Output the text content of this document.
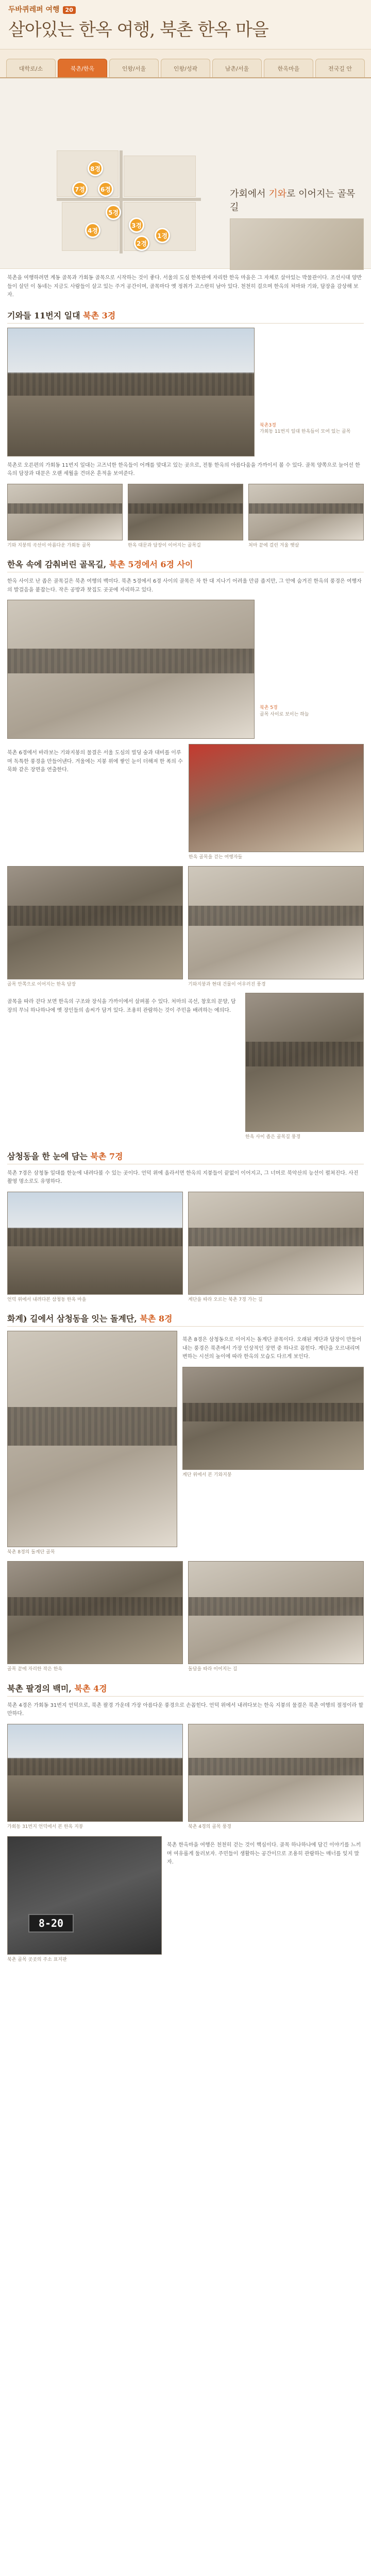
두바퀴레퍼 여행 20
살아있는 한옥 여행, 북촌 한옥 마을
대학로/소	북촌/한옥	인왕/서울	인왕/성곽	남촌/서울	한옥마을	전국길 안
8경
7경	6경
5경
4경
3경
2경
1경
가회에서 기와로 이어지는 골목길

북촌을 여행하려면 계동 골목과 가회동 골목으로 시작하는 것이 좋다. 서울의 도심 한복판에 자리한 한옥 마을은 그 자체로 살아있는 박물관이다. 조선시대 양반들이 살던 이 동네는 지금도 사람들이 살고 있는 주거 공간이며, 골목마다 옛 정취가 고스란히 남아 있다. 천천히 걸으며 한옥의 처마와 기와, 담장을 감상해 보자.

기와들 11번지 일대 북촌 3경
북촌3경
가회동 11번지 일대 한옥들이 모여 있는 골목

북촌로 오른편의 가회동 11번지 일대는 고즈넉한 한옥들이 어깨를 맞대고 있는 곳으로, 전통 한옥의 아름다움을 가까이서 볼 수 있다. 골목 양쪽으로 늘어선 한옥의 담장과 대문은 오랜 세월을 견뎌온 흔적을 보여준다.

기와 지붕의 곡선이 아름다운 가회동 골목	한옥 대문과 담장이 이어지는 골목길	처마 끝에 걸린 겨울 햇살
한옥 속에 감춰버린 골목길, 북촌 5경에서 6경 사이

한옥 사이로 난 좁은 골목길은 북촌 여행의 백미다. 북촌 5경에서 6경 사이의 골목은 차 한 대 지나기 어려울 만큼 좁지만, 그 안에 숨겨진 한옥의 풍경은 여행자의 발걸음을 붙잡는다. 작은 공방과 찻집도 곳곳에 자리하고 있다.

북촌 5경
골목 사이로 보이는 하늘

북촌 6경에서 바라보는 기와지붕의 물결은 서울 도심의 빌딩 숲과 대비를 이루며 독특한 풍경을 만들어낸다. 겨울에는 지붕 위에 쌓인 눈이 더해져 한 폭의 수묵화 같은 장면을 연출한다.

한옥 골목을 걷는 여행자들
골목 안쪽으로 이어지는 한옥 담장	기와지붕과 현대 건물이 어우러진 풍경

골목을 따라 걷다 보면 한옥의 구조와 장식을 가까이에서 살펴볼 수 있다. 처마의 곡선, 창호의 문양, 담장의 무늬 하나하나에 옛 장인들의 솜씨가 담겨 있다. 조용히 관람하는 것이 주민을 배려하는 예의다.

한옥 사이 좁은 골목길 풍경
삼청동을 한 눈에 담는 북촌 7경

북촌 7경은 삼청동 일대를 한눈에 내려다볼 수 있는 곳이다. 언덕 위에 올라서면 한옥의 지붕들이 끝없이 이어지고, 그 너머로 북악산의 능선이 펼쳐진다. 사진 촬영 명소로도 유명하다.

언덕 위에서 내려다본 삼청동 한옥 마을	계단을 따라 오르는 북촌 7경 가는 길
화계) 길에서 삼청동을 잇는 돌계단, 북촌 8경
북촌 8경의 돌계단 골목

북촌 8경은 삼청동으로 이어지는 돌계단 골목이다. 오래된 계단과 담장이 만들어내는 풍경은 북촌에서 가장 인상적인 장면 중 하나로 꼽힌다. 계단을 오르내리며 변하는 시선의 높이에 따라 한옥의 모습도 다르게 보인다.

계단 위에서 본 기와지붕
골목 끝에 자리한 작은 한옥	돌담을 따라 이어지는 길
북촌 팔경의 백미, 북촌 4경

북촌 4경은 가회동 31번지 언덕으로, 북촌 팔경 가운데 가장 아름다운 풍경으로 손꼽힌다. 언덕 위에서 내려다보는 한옥 지붕의 물결은 북촌 여행의 절정이라 할 만하다.

가회동 31번지 언덕에서 본 한옥 지붕	북촌 4경의 골목 풍경
8-20
북촌 골목 곳곳의 주소 표지판

북촌 한옥마을 여행은 천천히 걷는 것이 핵심이다. 골목 하나하나에 담긴 이야기를 느끼며 여유롭게 둘러보자. 주민들이 생활하는 공간이므로 조용히 관람하는 매너를 잊지 말자.
